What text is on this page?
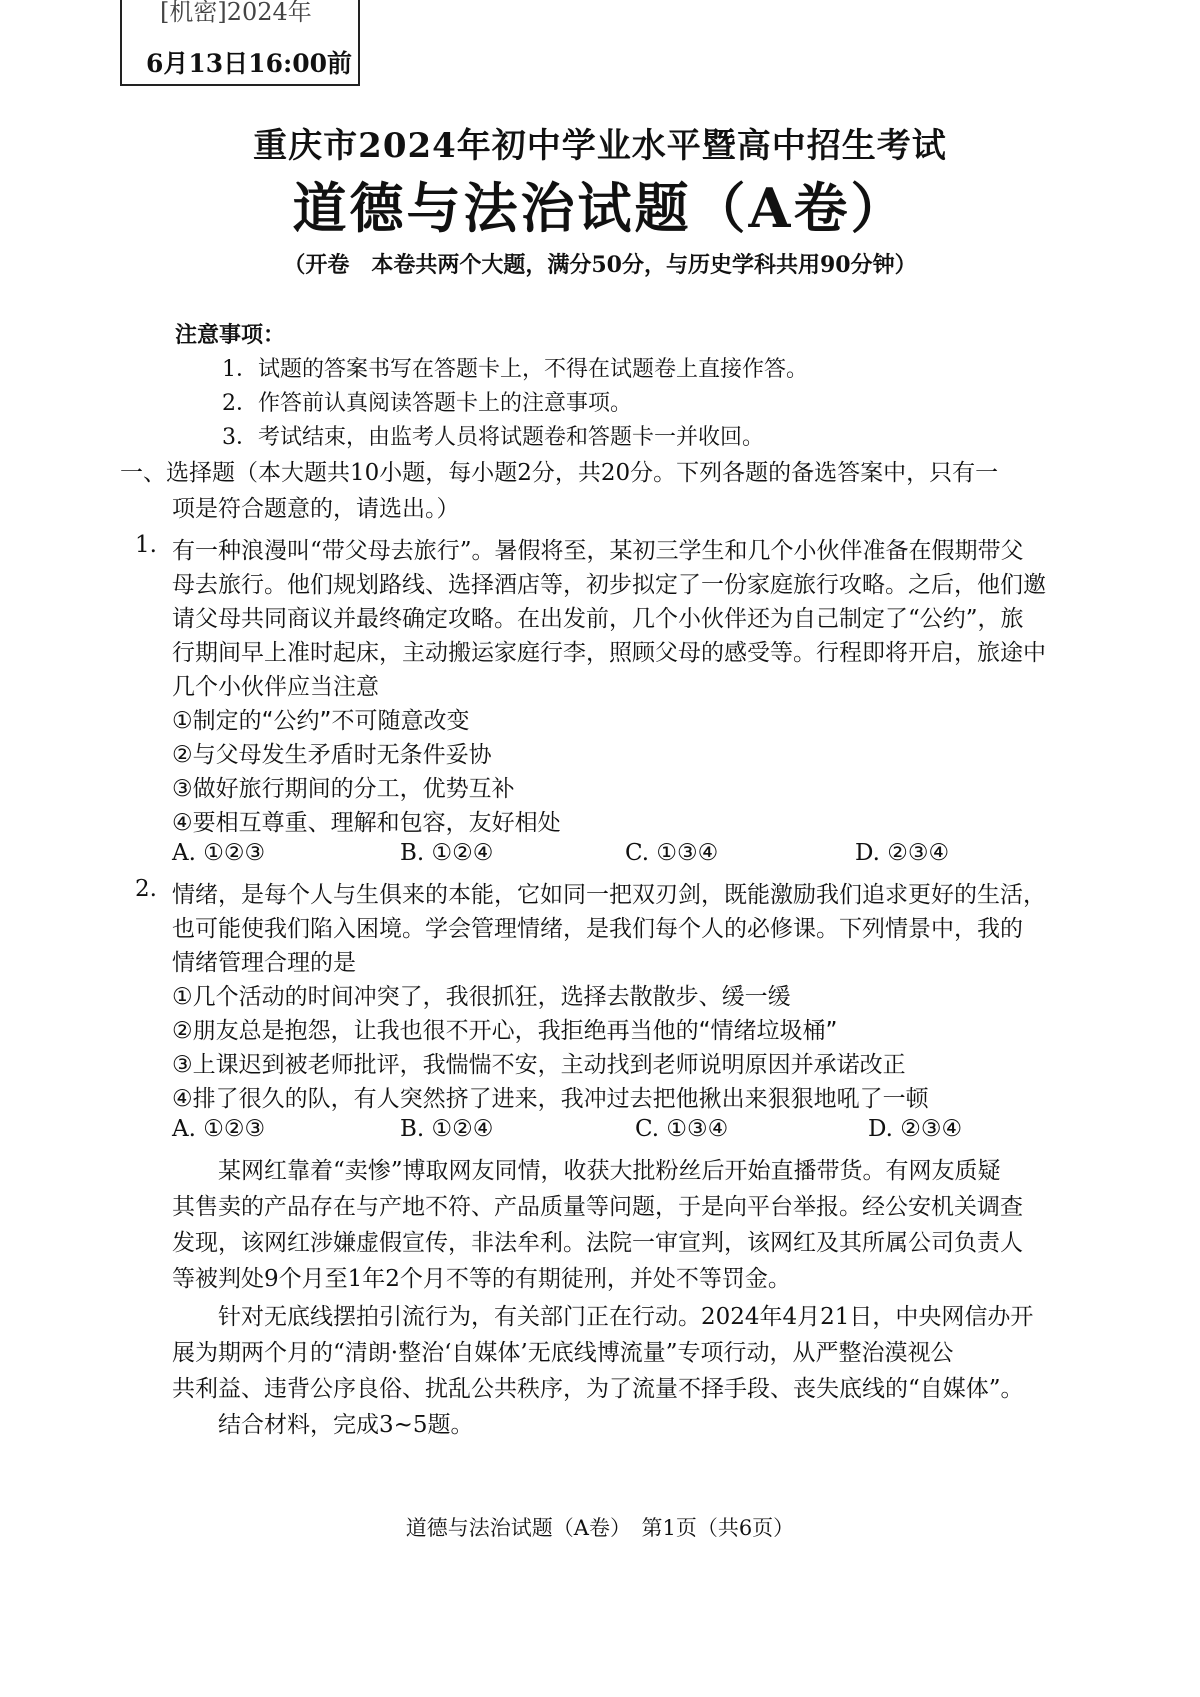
[机密]2024年
6月13日16:00前
重庆市2024年初中学业水平暨高中招生考试
道德与法治试题（A卷）
（开卷　本卷共两个大题，满分50分，与历史学科共用90分钟）
注意事项：
1．试题的答案书写在答题卡上，不得在试题卷上直接作答。
2．作答前认真阅读答题卡上的注意事项。
3．考试结束，由监考人员将试题卷和答题卡一并收回。
一、选择题（本大题共10小题，每小题2分，共20分。下列各题的备选答案中，只有一
项是符合题意的，请选出。）
1. 有一种浪漫叫“带父母去旅行”。暑假将至，某初三学生和几个小伙伴准备在假期带父
母去旅行。他们规划路线、选择酒店等，初步拟定了一份家庭旅行攻略。之后，他们邀
请父母共同商议并最终确定攻略。在出发前，几个小伙伴还为自己制定了“公约”，旅
行期间早上准时起床，主动搬运家庭行李，照顾父母的感受等。行程即将开启，旅途中
几个小伙伴应当注意
①制定的“公约”不可随意改变
②与父母发生矛盾时无条件妥协
③做好旅行期间的分工，优势互补
④要相互尊重、理解和包容，友好相处
A. ①②③	B. ①②④	C. ①③④	D. ②③④
2. 情绪，是每个人与生俱来的本能，它如同一把双刃剑，既能激励我们追求更好的生活，
也可能使我们陷入困境。学会管理情绪，是我们每个人的必修课。下列情景中，我的
情绪管理合理的是
①几个活动的时间冲突了，我很抓狂，选择去散散步、缓一缓
②朋友总是抱怨，让我也很不开心，我拒绝再当他的“情绪垃圾桶”
③上课迟到被老师批评，我惴惴不安，主动找到老师说明原因并承诺改正
④排了很久的队，有人突然挤了进来，我冲过去把他揪出来狠狠地吼了一顿
A. ①②③	B. ①②④	C. ①③④	D. ②③④
某网红靠着“卖惨”博取网友同情，收获大批粉丝后开始直播带货。有网友质疑
其售卖的产品存在与产地不符、产品质量等问题，于是向平台举报。经公安机关调查
发现，该网红涉嫌虚假宣传，非法牟利。法院一审宣判，该网红及其所属公司负责人
等被判处9个月至1年2个月不等的有期徒刑，并处不等罚金。
针对无底线摆拍引流行为，有关部门正在行动。2024年4月21日，中央网信办开
展为期两个月的“清朗·整治‘自媒体’无底线博流量”专项行动，从严整治漠视公
共利益、违背公序良俗、扰乱公共秩序，为了流量不择手段、丧失底线的“自媒体”。
结合材料，完成3~5题。
道德与法治试题（A卷）　第1页（共6页）
